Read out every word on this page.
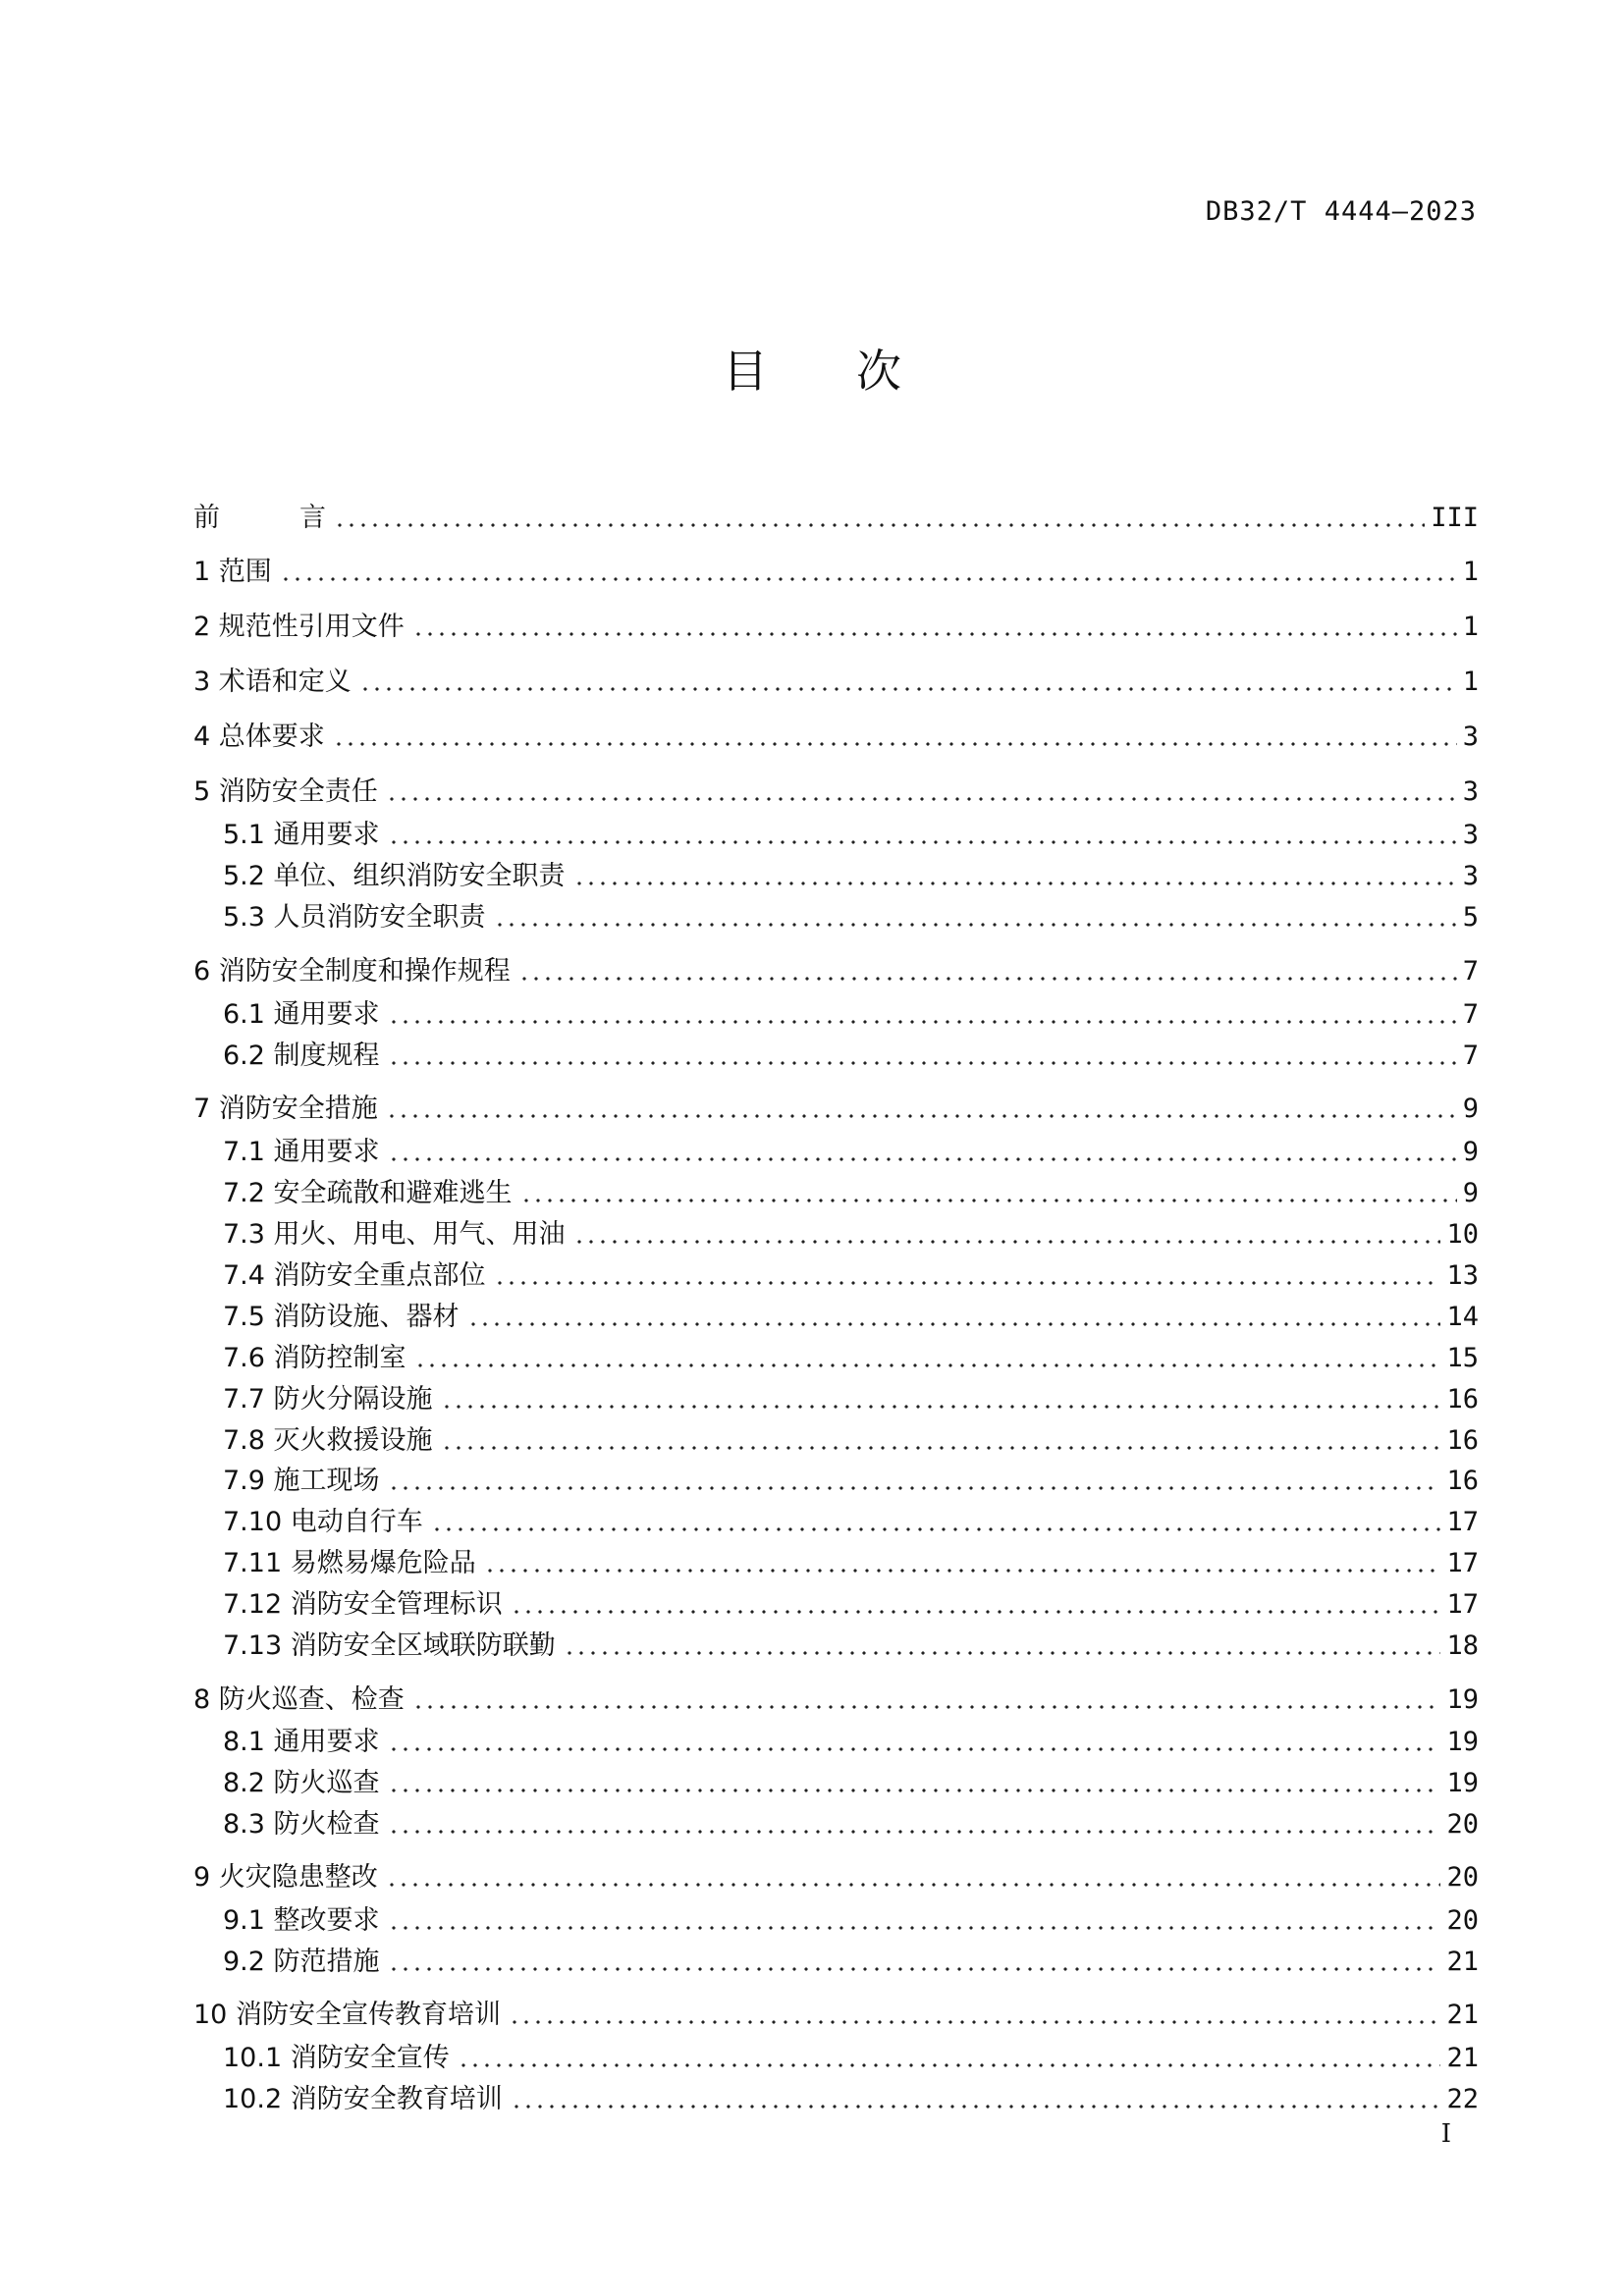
DB32/T 4444—2023
目次
前　　　言	III
1 范围	1
2 规范性引用文件	1
3 术语和定义	1
4 总体要求	3
5 消防安全责任	3
5.1 通用要求	3
5.2 单位、组织消防安全职责	3
5.3 人员消防安全职责	5
6 消防安全制度和操作规程	7
6.1 通用要求	7
6.2 制度规程	7
7 消防安全措施	9
7.1 通用要求	9
7.2 安全疏散和避难逃生	9
7.3 用火、用电、用气、用油	10
7.4 消防安全重点部位	13
7.5 消防设施、器材	14
7.6 消防控制室	15
7.7 防火分隔设施	16
7.8 灭火救援设施	16
7.9 施工现场	16
7.10 电动自行车	17
7.11 易燃易爆危险品	17
7.12 消防安全管理标识	17
7.13 消防安全区域联防联勤	18
8 防火巡查、检查	19
8.1 通用要求	19
8.2 防火巡查	19
8.3 防火检查	20
9 火灾隐患整改	20
9.1 整改要求	20
9.2 防范措施	21
10 消防安全宣传教育培训	21
10.1 消防安全宣传	21
10.2 消防安全教育培训	22
I
